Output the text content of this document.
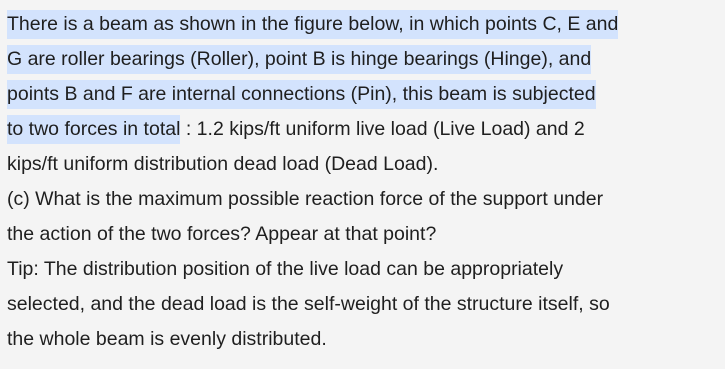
There is a beam as shown in the figure below, in which points C, E and
G are roller bearings (Roller), point B is hinge bearings (Hinge), and
points B and F are internal connections (Pin), this beam is subjected
to two forces in total : 1.2 kips/ft uniform live load (Live Load) and 2
kips/ft uniform distribution dead load (Dead Load).
(c) What is the maximum possible reaction force of the support under
the action of the two forces? Appear at that point?
Tip: The distribution position of the live load can be appropriately
selected, and the dead load is the self-weight of the structure itself, so
the whole beam is evenly distributed.
